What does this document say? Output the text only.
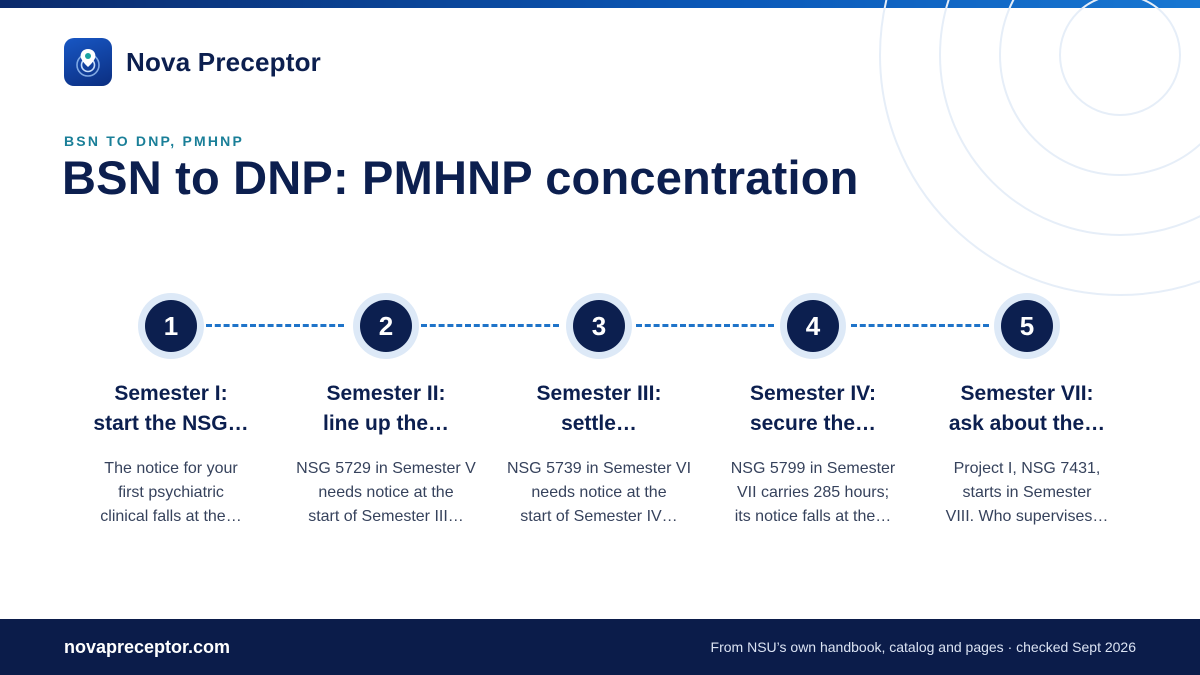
Nova Preceptor
BSN TO DNP, PMHNP
BSN to DNP: PMHNP concentration
1
Semester I:
start the NSG…
The notice for your
first psychiatric
clinical falls at the…
2
Semester II:
line up the…
NSG 5729 in Semester V
needs notice at the
start of Semester III…
3
Semester III:
settle…
NSG 5739 in Semester VI
needs notice at the
start of Semester IV…
4
Semester IV:
secure the…
NSG 5799 in Semester
VII carries 285 hours;
its notice falls at the…
5
Semester VII:
ask about the…
Project I, NSG 7431,
starts in Semester
VIII. Who supervises…
novapreceptor.com	From NSU’s own handbook, catalog and pages · checked Sept 2026
